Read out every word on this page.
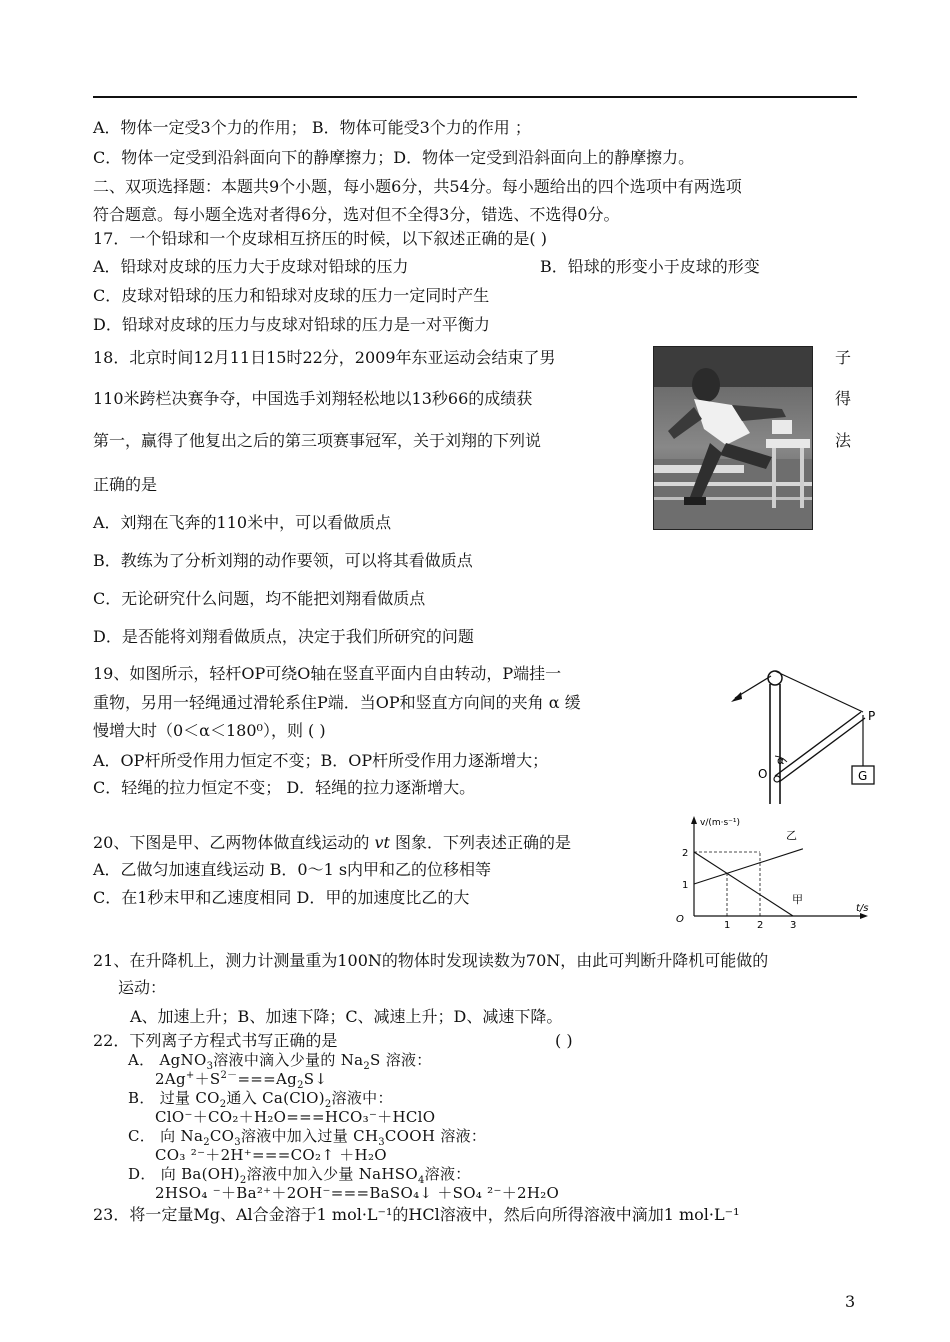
A．物体一定受3个力的作用； B．物体可能受3个力的作用 ；
C．物体一定受到沿斜面向下的静摩擦力；D．物体一定受到沿斜面向上的静摩擦力。
二、双项选择题：本题共9个小题，每小题6分，共54分。每小题给出的四个选项中有两选项
符合题意。每小题全选对者得6分，选对但不全得3分，错选、不选得0分。
17．一个铅球和一个皮球相互挤压的时候，以下叙述正确的是( )
A．铅球对皮球的压力大于皮球对铅球的压力	B．铅球的形变小于皮球的形变
C．皮球对铅球的压力和铅球对皮球的压力一定同时产生
D．铅球对皮球的压力与皮球对铅球的压力是一对平衡力
18．北京时间12月11日15时22分，2009年东亚运动会结束了男	子
110米跨栏决赛争夺，中国选手刘翔轻松地以13秒66的成绩获	得
第一，赢得了他复出之后的第三项赛事冠军，关于刘翔的下列说	法
正确的是
A．刘翔在飞奔的110米中，可以看做质点
B．教练为了分析刘翔的动作要领，可以将其看做质点
C．无论研究什么问题，均不能把刘翔看做质点
D．是否能将刘翔看做质点，决定于我们所研究的问题
19、如图所示，轻杆OP可绕O轴在竖直平面内自由转动，P端挂一
重物，另用一轻绳通过滑轮系住P端．当OP和竖直方向间的夹角 α 缓
慢增大时（0＜α＜180⁰），则 ( )
A．OP杆所受作用力恒定不变；B．OP杆所受作用力逐渐增大；
C．轻绳的拉力恒定不变； D．轻绳的拉力逐渐增大。
α
P
O	G
20、下图是甲、乙两物体做直线运动的 vt 图象．下列表述正确的是
A．乙做匀加速直线运动 B．0～1 s内甲和乙的位移相等
C．在1秒末甲和乙速度相同 D．甲的加速度比乙的大
v/(m·s⁻¹)
t/s
O
1	2	3
1
2
乙
甲
21、在升降机上，测力计测量重为100N的物体时发现读数为70N，由此可判断升降机可能做的
运动：
A、加速上升；B、加速下降；C、减速上升；D、减速下降。
22．下列离子方程式书写正确的是	( )
A． AgNO$_3$溶液中滴入少量的 $Na_2S$ 溶液：
$2Ag^++S^{2-}===Ag_2S↓$
B． 过量 $CO_2$通入 $Ca(ClO)_2$溶液中：
ClO⁻＋CO₂＋H₂O===HCO₃⁻＋HClO
C． 向 $Na_2CO_3$溶液中加入过量 $CH_3COOH$ 溶液：
CO₃ ²⁻＋2H⁺===CO₂↑ ＋H₂O
D． 向 $Ba(OH)_2$溶液中加入少量 NaHSO$_4$溶液：
2HSO₄ ⁻＋Ba²⁺＋2OH⁻===BaSO₄↓ ＋SO₄ ²⁻＋2H₂O
23．将一定量Mg、Al合金溶于1 mol·L⁻¹的HCl溶液中，然后向所得溶液中滴加1 mol·L⁻¹
3
